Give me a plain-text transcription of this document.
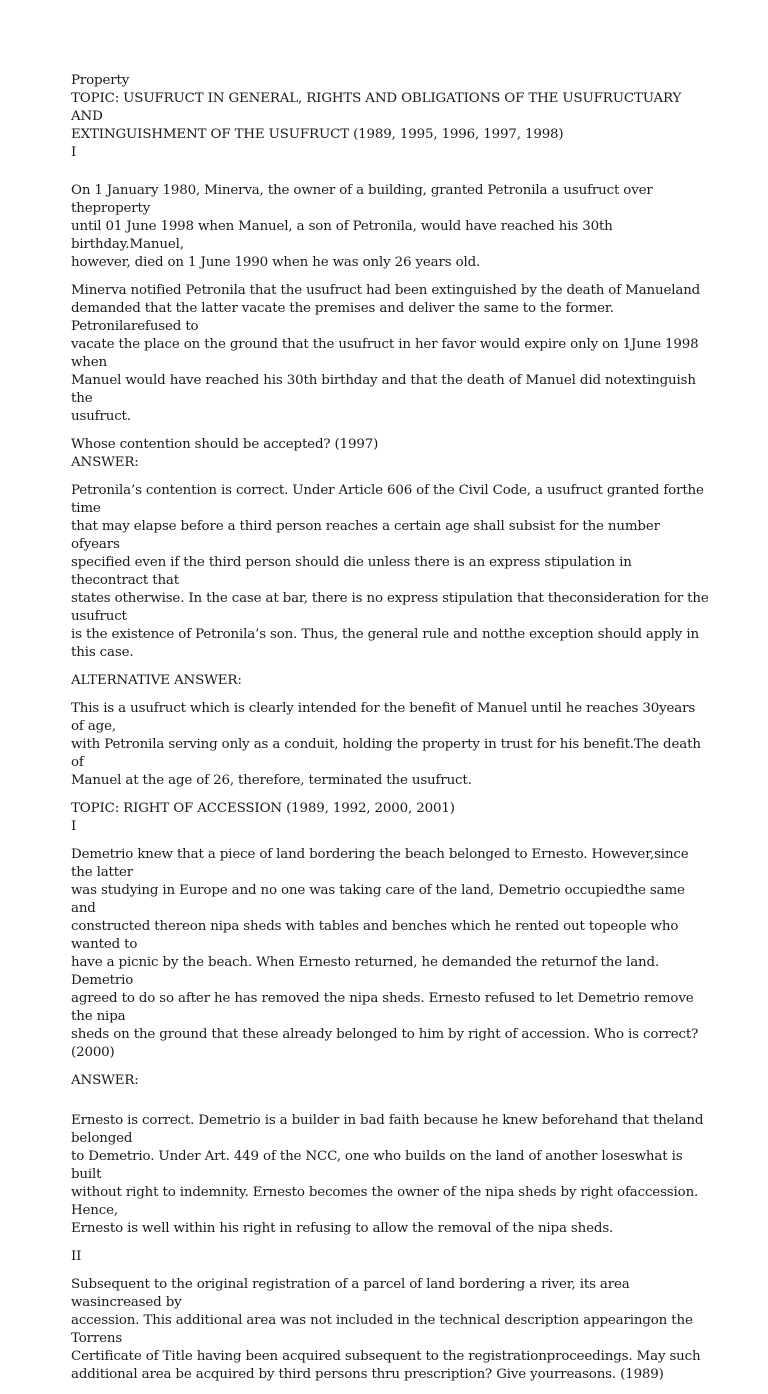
Property
TOPIC: USUFRUCT IN GENERAL, RIGHTS AND OBLIGATIONS OF THE USUFRUCTUARY
AND
EXTINGUISHMENT OF THE USUFRUCT (1989, 1995, 1996, 1997, 1998)
I
On 1 January 1980, Minerva, the owner of a building, granted Petronila a usufruct over theproperty
until 01 June 1998 when Manuel, a son of Petronila, would have reached his 30th birthday.Manuel,
however, died on 1 June 1990 when he was only 26 years old.
Minerva notified Petronila that the usufruct had been extinguished by the death of Manueland
demanded that the latter vacate the premises and deliver the same to the former. Petronilarefused to
vacate the place on the ground that the usufruct in her favor would expire only on 1June 1998 when
Manuel would have reached his 30th birthday and that the death of Manuel did notextinguish the
usufruct.
Whose contention should be accepted? (1997)
ANSWER:
Petronila’s contention is correct. Under Article 606 of the Civil Code, a usufruct granted forthe time
that may elapse before a third person reaches a certain age shall subsist for the number ofyears
specified even if the third person should die unless there is an express stipulation in thecontract that
states otherwise. In the case at bar, there is no express stipulation that theconsideration for the usufruct
is the existence of Petronila’s son. Thus, the general rule and notthe exception should apply in this case.
ALTERNATIVE ANSWER:
This is a usufruct which is clearly intended for the benefit of Manuel until he reaches 30years of age,
with Petronila serving only as a conduit, holding the property in trust for his benefit.The death of
Manuel at the age of 26, therefore, terminated the usufruct.
TOPIC: RIGHT OF ACCESSION (1989, 1992, 2000, 2001)
I
Demetrio knew that a piece of land bordering the beach belonged to Ernesto. However,since the latter
was studying in Europe and no one was taking care of the land, Demetrio occupiedthe same and
constructed thereon nipa sheds with tables and benches which he rented out topeople who wanted to
have a picnic by the beach. When Ernesto returned, he demanded the returnof the land. Demetrio
agreed to do so after he has removed the nipa sheds. Ernesto refused to let Demetrio remove the nipa
sheds on the ground that these already belonged to him by right of accession. Who is correct? (2000)
ANSWER:
Ernesto is correct. Demetrio is a builder in bad faith because he knew beforehand that theland belonged
to Demetrio. Under Art. 449 of the NCC, one who builds on the land of another loseswhat is built
without right to indemnity. Ernesto becomes the owner of the nipa sheds by right ofaccession. Hence,
Ernesto is well within his right in refusing to allow the removal of the nipa sheds.
II
Subsequent to the original registration of a parcel of land bordering a river, its area wasincreased by
accession. This additional area was not included in the technical description appearingon the Torrens
Certificate of Title having been acquired subsequent to the registrationproceedings. May such
additional area be acquired by third persons thru prescription? Give yourreasons. (1989)
